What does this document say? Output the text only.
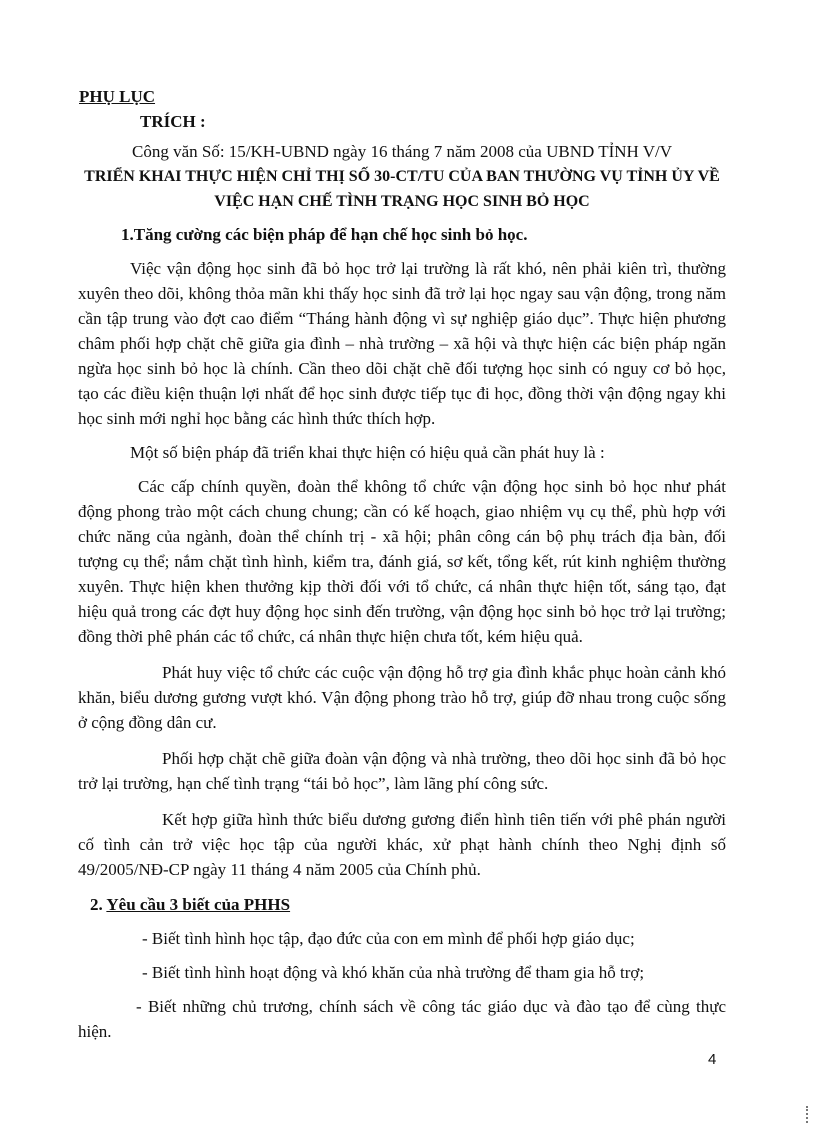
PHỤ LỤC
TRÍCH :
Công văn Số: 15/KH-UBND ngày 16 tháng 7 năm 2008 của UBND TỈNH V/V
TRIỂN KHAI THỰC HIỆN CHỈ THỊ SỐ 30-CT/TU CỦA BAN THƯỜNG VỤ TỈNH ỦY VỀ
VIỆC HẠN CHẾ TÌNH TRẠNG HỌC SINH BỎ HỌC
1.Tăng cường các biện pháp để hạn chế học sinh bỏ học.

Việc vận động học sinh đã bỏ học trở lại trường là rất khó, nên phải kiên trì, thường xuyên theo dõi, không thỏa mãn khi thấy học sinh đã trở lại học ngay sau vận động, trong năm cần tập trung vào đợt cao điểm “Tháng hành động vì sự nghiệp giáo dục”. Thực hiện phương châm phối hợp chặt chẽ giữa gia đình – nhà trường – xã hội và thực hiện các biện pháp ngăn ngừa học sinh bỏ học là chính. Cần theo dõi chặt chẽ đối tượng học sinh có nguy cơ bỏ học, tạo các điều kiện thuận lợi nhất để học sinh được tiếp tục đi học, đồng thời vận động ngay khi học sinh mới nghỉ học bằng các hình thức thích hợp.

Một số biện pháp đã triển khai thực hiện có hiệu quả cần phát huy là :

Các cấp chính quyền, đoàn thể không tổ chức vận động học sinh bỏ học như phát động phong trào một cách chung chung; cần có kế hoạch, giao nhiệm vụ cụ thể, phù hợp với chức năng của ngành, đoàn thể chính trị - xã hội; phân công cán bộ phụ trách địa bàn, đối tượng cụ thể; nắm chặt tình hình, kiểm tra, đánh giá, sơ kết, tổng kết, rút kinh nghiệm thường xuyên. Thực hiện khen thưởng kịp thời đối với tổ chức, cá nhân thực hiện tốt, sáng tạo, đạt hiệu quả trong các đợt huy động học sinh đến trường, vận động học sinh bỏ học trở lại trường; đồng thời phê phán các tổ chức, cá nhân thực hiện chưa tốt, kém hiệu quả.

Phát huy việc tổ chức các cuộc vận động hỗ trợ gia đình khắc phục hoàn cảnh khó khăn, biểu dương gương vượt khó. Vận động phong trào hỗ trợ, giúp đỡ nhau trong cuộc sống ở cộng đồng dân cư.

Phối hợp chặt chẽ giữa đoàn vận động và nhà trường, theo dõi học sinh đã bỏ học trở lại trường, hạn chế tình trạng “tái bỏ học”, làm lãng phí công sức.

Kết hợp giữa hình thức biểu dương gương điển hình tiên tiến với phê phán người cố tình cản trở việc học tập của người khác, xử phạt hành chính theo Nghị định số 49/2005/NĐ-CP ngày 11 tháng 4 năm 2005 của Chính phủ.

2. Yêu cầu 3 biết của PHHS

- Biết tình hình học tập, đạo đức của con em mình để phối hợp giáo dục;

- Biết tình hình hoạt động và khó khăn của nhà trường để tham gia hỗ trợ;

- Biết những chủ trương, chính sách về công tác giáo dục và đào tạo để cùng thực hiện.

4
